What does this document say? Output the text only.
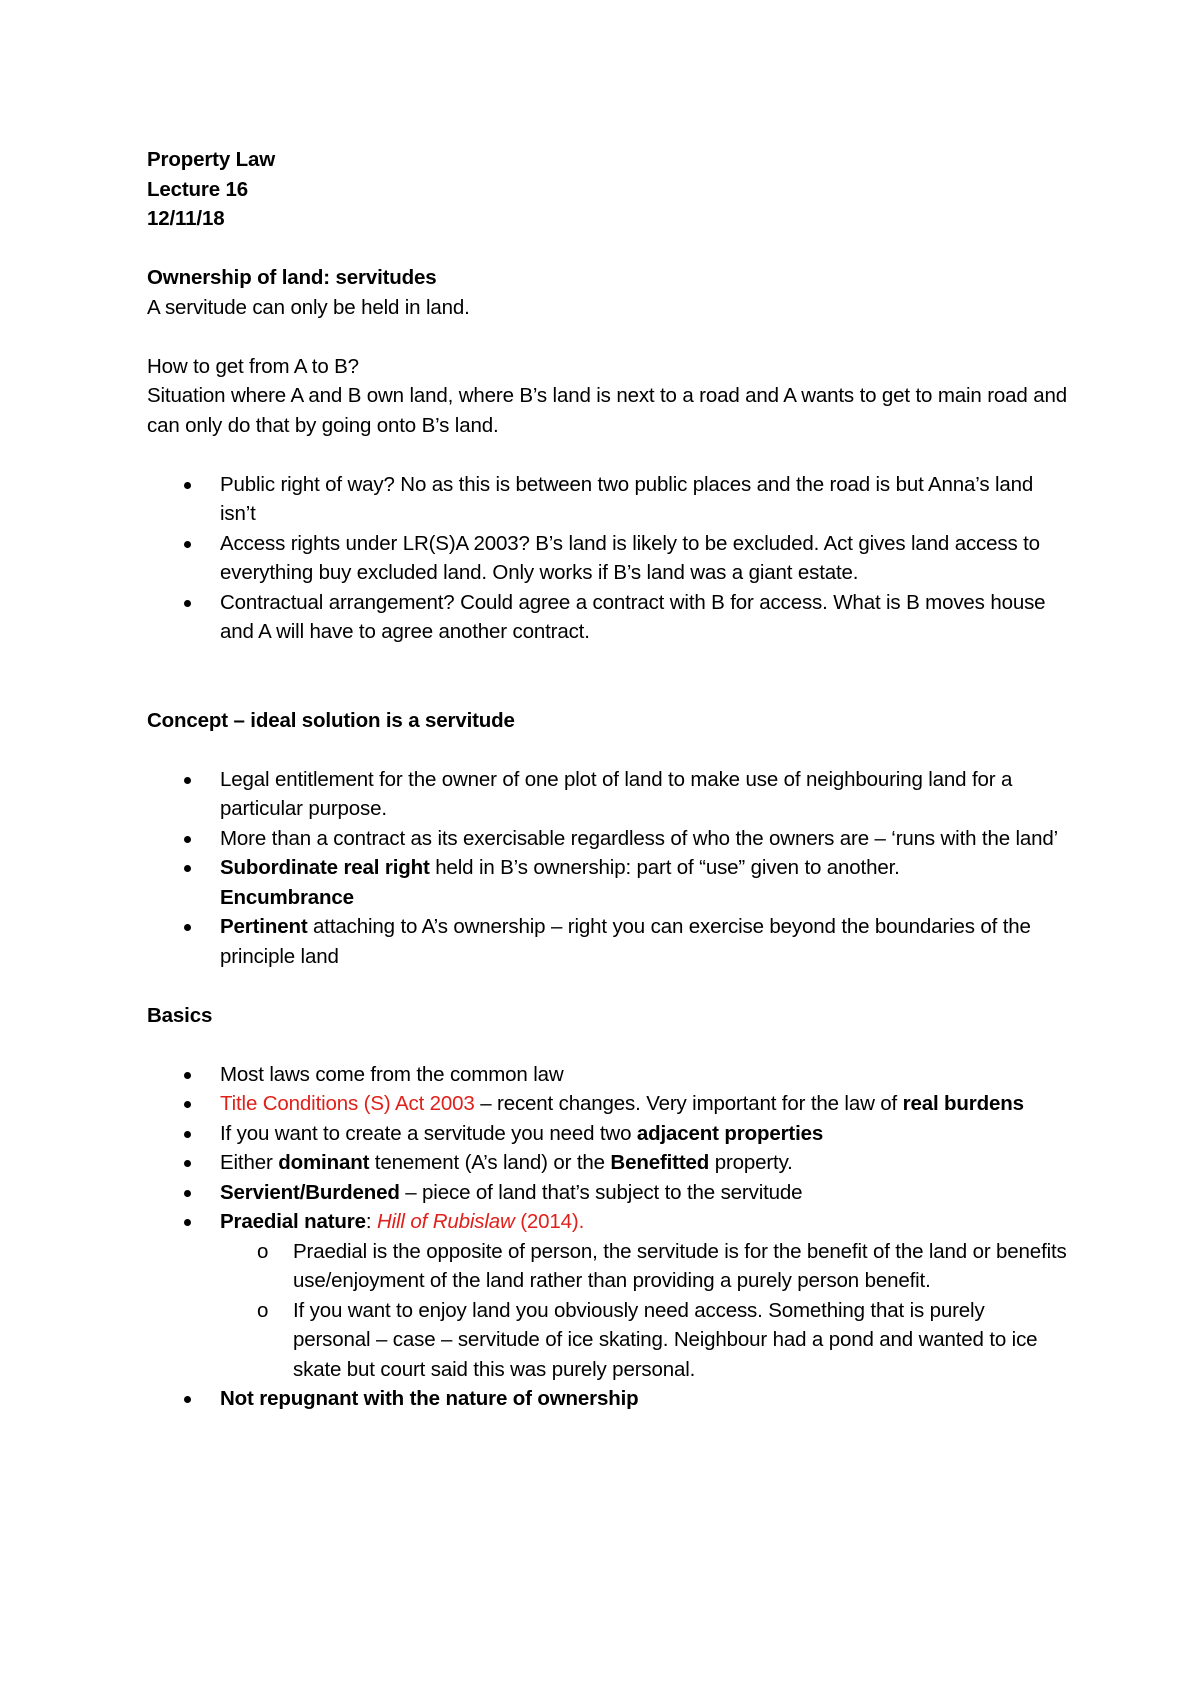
Property Law

Lecture 16

12/11/18

Ownership of land: servitudes

A servitude can only be held in land.

How to get from A to B?

Situation where A and B own land, where B’s land is next to a road and A wants to get to main road and can only do that by going onto B’s land.

Public right of way? No as this is between two public places and the road is but Anna’s land isn’t
Access rights under LR(S)A 2003? B’s land is likely to be excluded. Act gives land access to everything buy excluded land. Only works if B’s land was a giant estate.
Contractual arrangement? Could agree a contract with B for access. What is B moves house and A will have to agree another contract.

Concept – ideal solution is a servitude

Legal entitlement for the owner of one plot of land to make use of neighbouring land for a particular purpose.
More than a contract as its exercisable regardless of who the owners are – ‘runs with the land’
Subordinate real right held in B’s ownership: part of “use” given to another.
Encumbrance
Pertinent attaching to A’s ownership – right you can exercise beyond the boundaries of the principle land

Basics

Most laws come from the common law
Title Conditions (S) Act 2003 – recent changes. Very important for the law of real burdens
If you want to create a servitude you need two adjacent properties
Either dominant tenement (A’s land) or the Benefitted property.
Servient/Burdened – piece of land that’s subject to the servitude
Praedial nature: Hill of Rubislaw (2014).
o Praedial is the opposite of person, the servitude is for the benefit of the land or benefits use/enjoyment of the land rather than providing a purely person benefit.
o If you want to enjoy land you obviously need access. Something that is purely personal – case – servitude of ice skating. Neighbour had a pond and wanted to ice skate but court said this was purely personal.
Not repugnant with the nature of ownership
